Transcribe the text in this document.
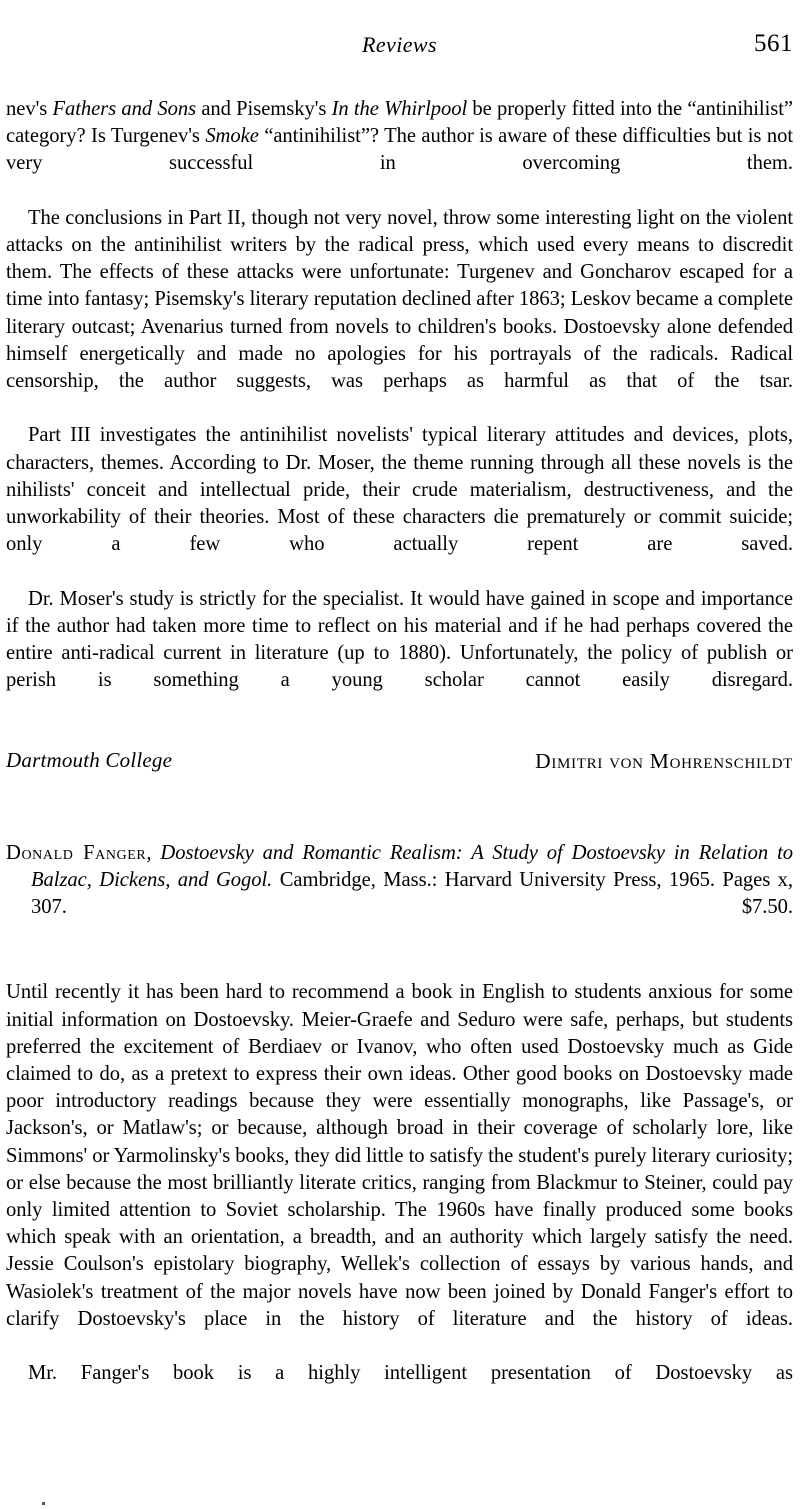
Reviews	561

nev's Fathers and Sons and Pisemsky's In the Whirlpool be properly fitted into the “antinihilist” category? Is Turgenev's Smoke “antinihilist”? The author is aware of these difficulties but is not very successful in overcoming them.

The conclusions in Part II, though not very novel, throw some interesting light on the violent attacks on the antinihilist writers by the radical press, which used every means to discredit them. The effects of these attacks were unfortunate: Turgenev and Goncharov escaped for a time into fantasy; Pisemsky's literary reputation declined after 1863; Leskov became a complete literary outcast; Avenarius turned from novels to children's books. Dostoevsky alone defended himself energetically and made no apologies for his portrayals of the radicals. Radical censorship, the author suggests, was perhaps as harmful as that of the tsar.

Part III investigates the antinihilist novelists' typical literary attitudes and devices, plots, characters, themes. According to Dr. Moser, the theme running through all these novels is the nihilists' conceit and intellectual pride, their crude materialism, destructiveness, and the unworkability of their theories. Most of these characters die prematurely or commit suicide; only a few who actually repent are saved.

Dr. Moser's study is strictly for the specialist. It would have gained in scope and importance if the author had taken more time to reflect on his material and if he had perhaps covered the entire anti-radical current in literature (up to 1880). Unfortunately, the policy of publish or perish is something a young scholar cannot easily disregard.

Dartmouth College	Dimitri von Mohrenschildt

Donald Fanger, Dostoevsky and Romantic Realism: A Study of Dostoevsky in Relation to Balzac, Dickens, and Gogol. Cambridge, Mass.: Harvard University Press, 1965. Pages x, 307. $7.50.

Until recently it has been hard to recommend a book in English to students anxious for some initial information on Dostoevsky. Meier-Graefe and Seduro were safe, perhaps, but students preferred the excitement of Berdiaev or Ivanov, who often used Dostoevsky much as Gide claimed to do, as a pretext to express their own ideas. Other good books on Dostoevsky made poor introductory readings because they were essentially monographs, like Passage's, or Jackson's, or Matlaw's; or because, although broad in their coverage of scholarly lore, like Simmons' or Yarmolinsky's books, they did little to satisfy the student's purely literary curiosity; or else because the most brilliantly literate critics, ranging from Blackmur to Steiner, could pay only limited attention to Soviet scholarship. The 1960s have finally produced some books which speak with an orientation, a breadth, and an authority which largely satisfy the need. Jessie Coulson's epistolary biography, Wellek's collection of essays by various hands, and Wasiolek's treatment of the major novels have now been joined by Donald Fanger's effort to clarify Dostoevsky's place in the history of literature and the history of ideas.

Mr. Fanger's book is a highly intelligent presentation of Dostoevsky as
